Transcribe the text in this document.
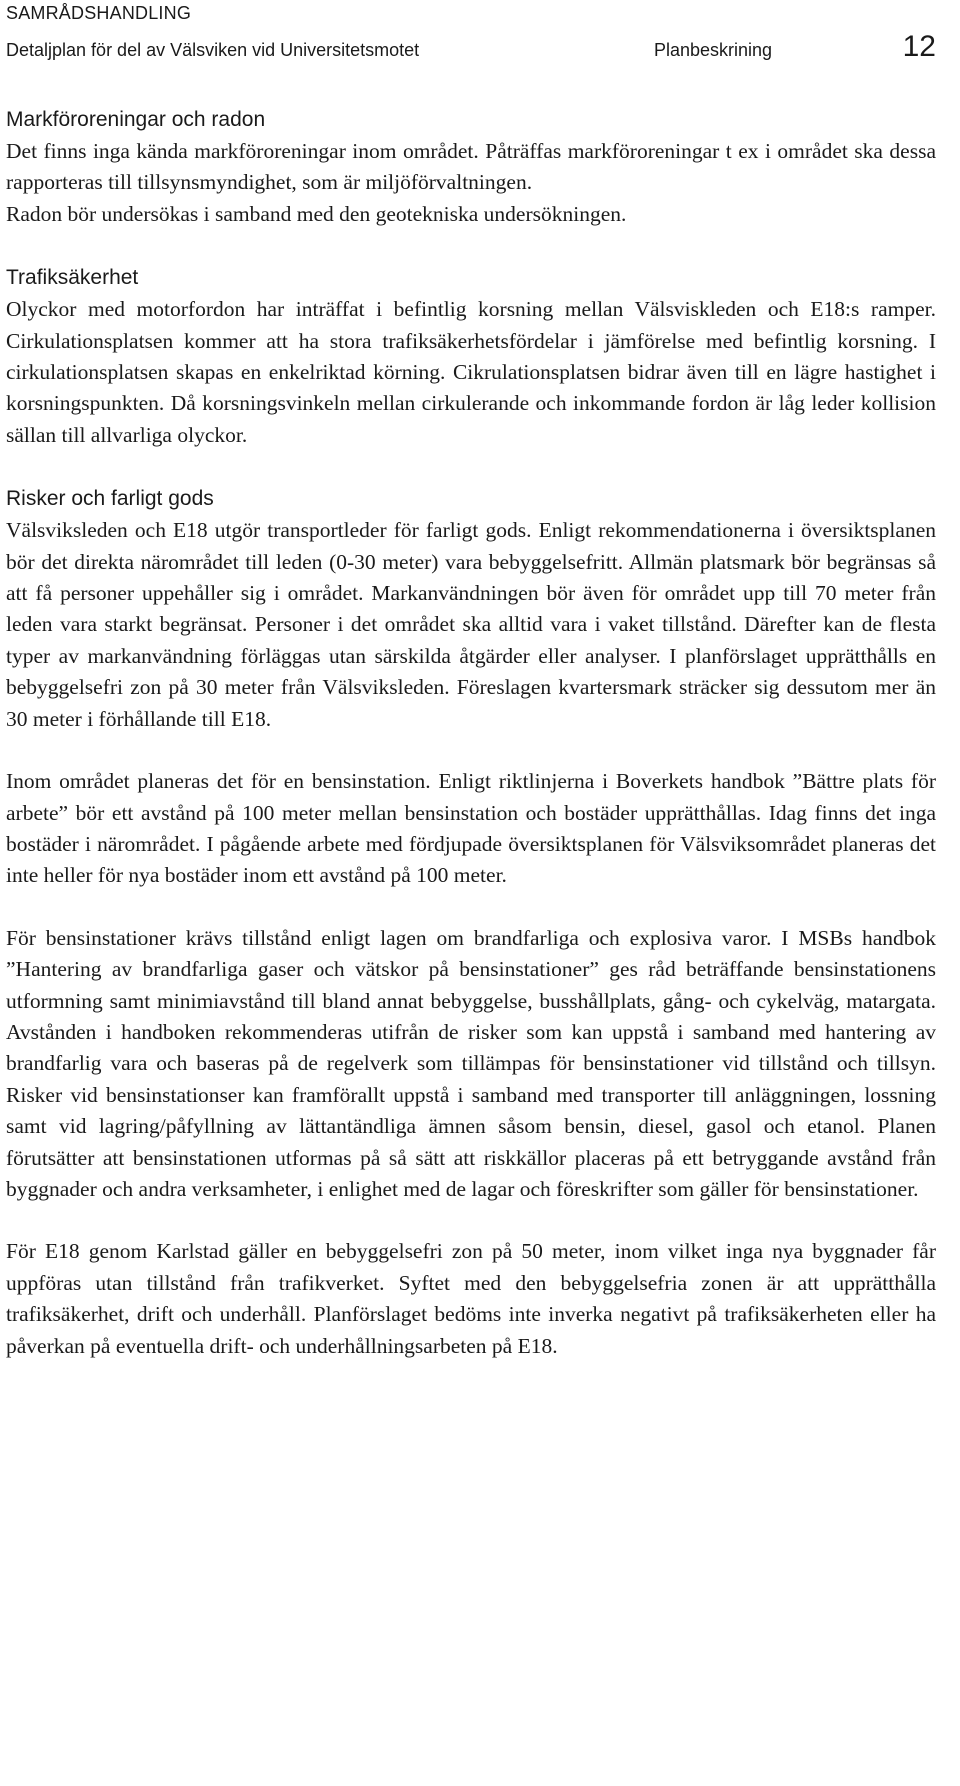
SAMRÅDSHANDLING
Detaljplan för del av Välsviken vid Universitetsmotet	Planbeskrining	12
Markföroreningar och radon

Det finns inga kända markföroreningar inom området. Påträffas markföroreningar t ex i området ska dessa rapporteras till tillsynsmyndighet, som är miljöförvaltningen.

Radon bör undersökas i samband med den geotekniska undersökningen.

Trafiksäkerhet

Olyckor med motorfordon har inträffat i befintlig korsning mellan Välsviskleden och E18:s ramper. Cirkulationsplatsen kommer att ha stora trafiksäkerhetsfördelar i jämförelse med befintlig korsning. I cirkulationsplatsen skapas en enkelriktad körning. Cikrulationsplatsen bidrar även till en lägre hastighet i korsningspunkten. Då korsningsvinkeln mellan cirkulerande och inkommande fordon är låg leder kollision sällan till allvarliga olyckor.

Risker och farligt gods

Välsviksleden och E18 utgör transportleder för farligt gods. Enligt rekommendationerna i översiktsplanen bör det direkta närområdet till leden (0-30 meter) vara bebyggelsefritt. Allmän platsmark bör begränsas så att få personer uppehåller sig i området. Markanvändningen bör även för området upp till 70 meter från leden vara starkt begränsat. Personer i det området ska alltid vara i vaket tillstånd. Därefter kan de flesta typer av markanvändning förläggas utan särskilda åtgärder eller analyser. I planförslaget upprätthålls en bebyggelsefri zon på 30 meter från Välsviksleden. Föreslagen kvartersmark sträcker sig dessutom mer än 30 meter i förhållande till E18.

Inom området planeras det för en bensinstation. Enligt riktlinjerna i Boverkets handbok ”Bättre plats för arbete” bör ett avstånd på 100 meter mellan bensinstation och bostäder upprätthållas. Idag finns det inga bostäder i närområdet. I pågående arbete med fördjupade översiktsplanen för Välsviksområdet planeras det inte heller för nya bostäder inom ett avstånd på 100 meter.

För bensinstationer krävs tillstånd enligt lagen om brandfarliga och explosiva varor. I MSBs handbok ”Hantering av brandfarliga gaser och vätskor på bensinstationer” ges råd beträffande bensinstationens utformning samt minimiavstånd till bland annat bebyggelse, busshållplats, gång- och cykelväg, matargata. Avstånden i handboken rekommenderas utifrån de risker som kan uppstå i samband med hantering av brandfarlig vara och baseras på de regelverk som tillämpas för bensinstationer vid tillstånd och tillsyn. Risker vid bensinstationser kan framförallt uppstå i samband med transporter till anläggningen, lossning samt vid lagring/påfyllning av lättantändliga ämnen såsom bensin, diesel, gasol och etanol. Planen förutsätter att bensinstationen utformas på så sätt att riskkällor placeras på ett betryggande avstånd från byggnader och andra verksamheter, i enlighet med de lagar och föreskrifter som gäller för bensinstationer.

För E18 genom Karlstad gäller en bebyggelsefri zon på 50 meter, inom vilket inga nya byggnader får uppföras utan tillstånd från trafikverket. Syftet med den bebyggelsefria zonen är att upprätthålla trafiksäkerhet, drift och underhåll. Planförslaget bedöms inte inverka negativt på trafiksäkerheten eller ha påverkan på eventuella drift- och underhållningsarbeten på E18.
